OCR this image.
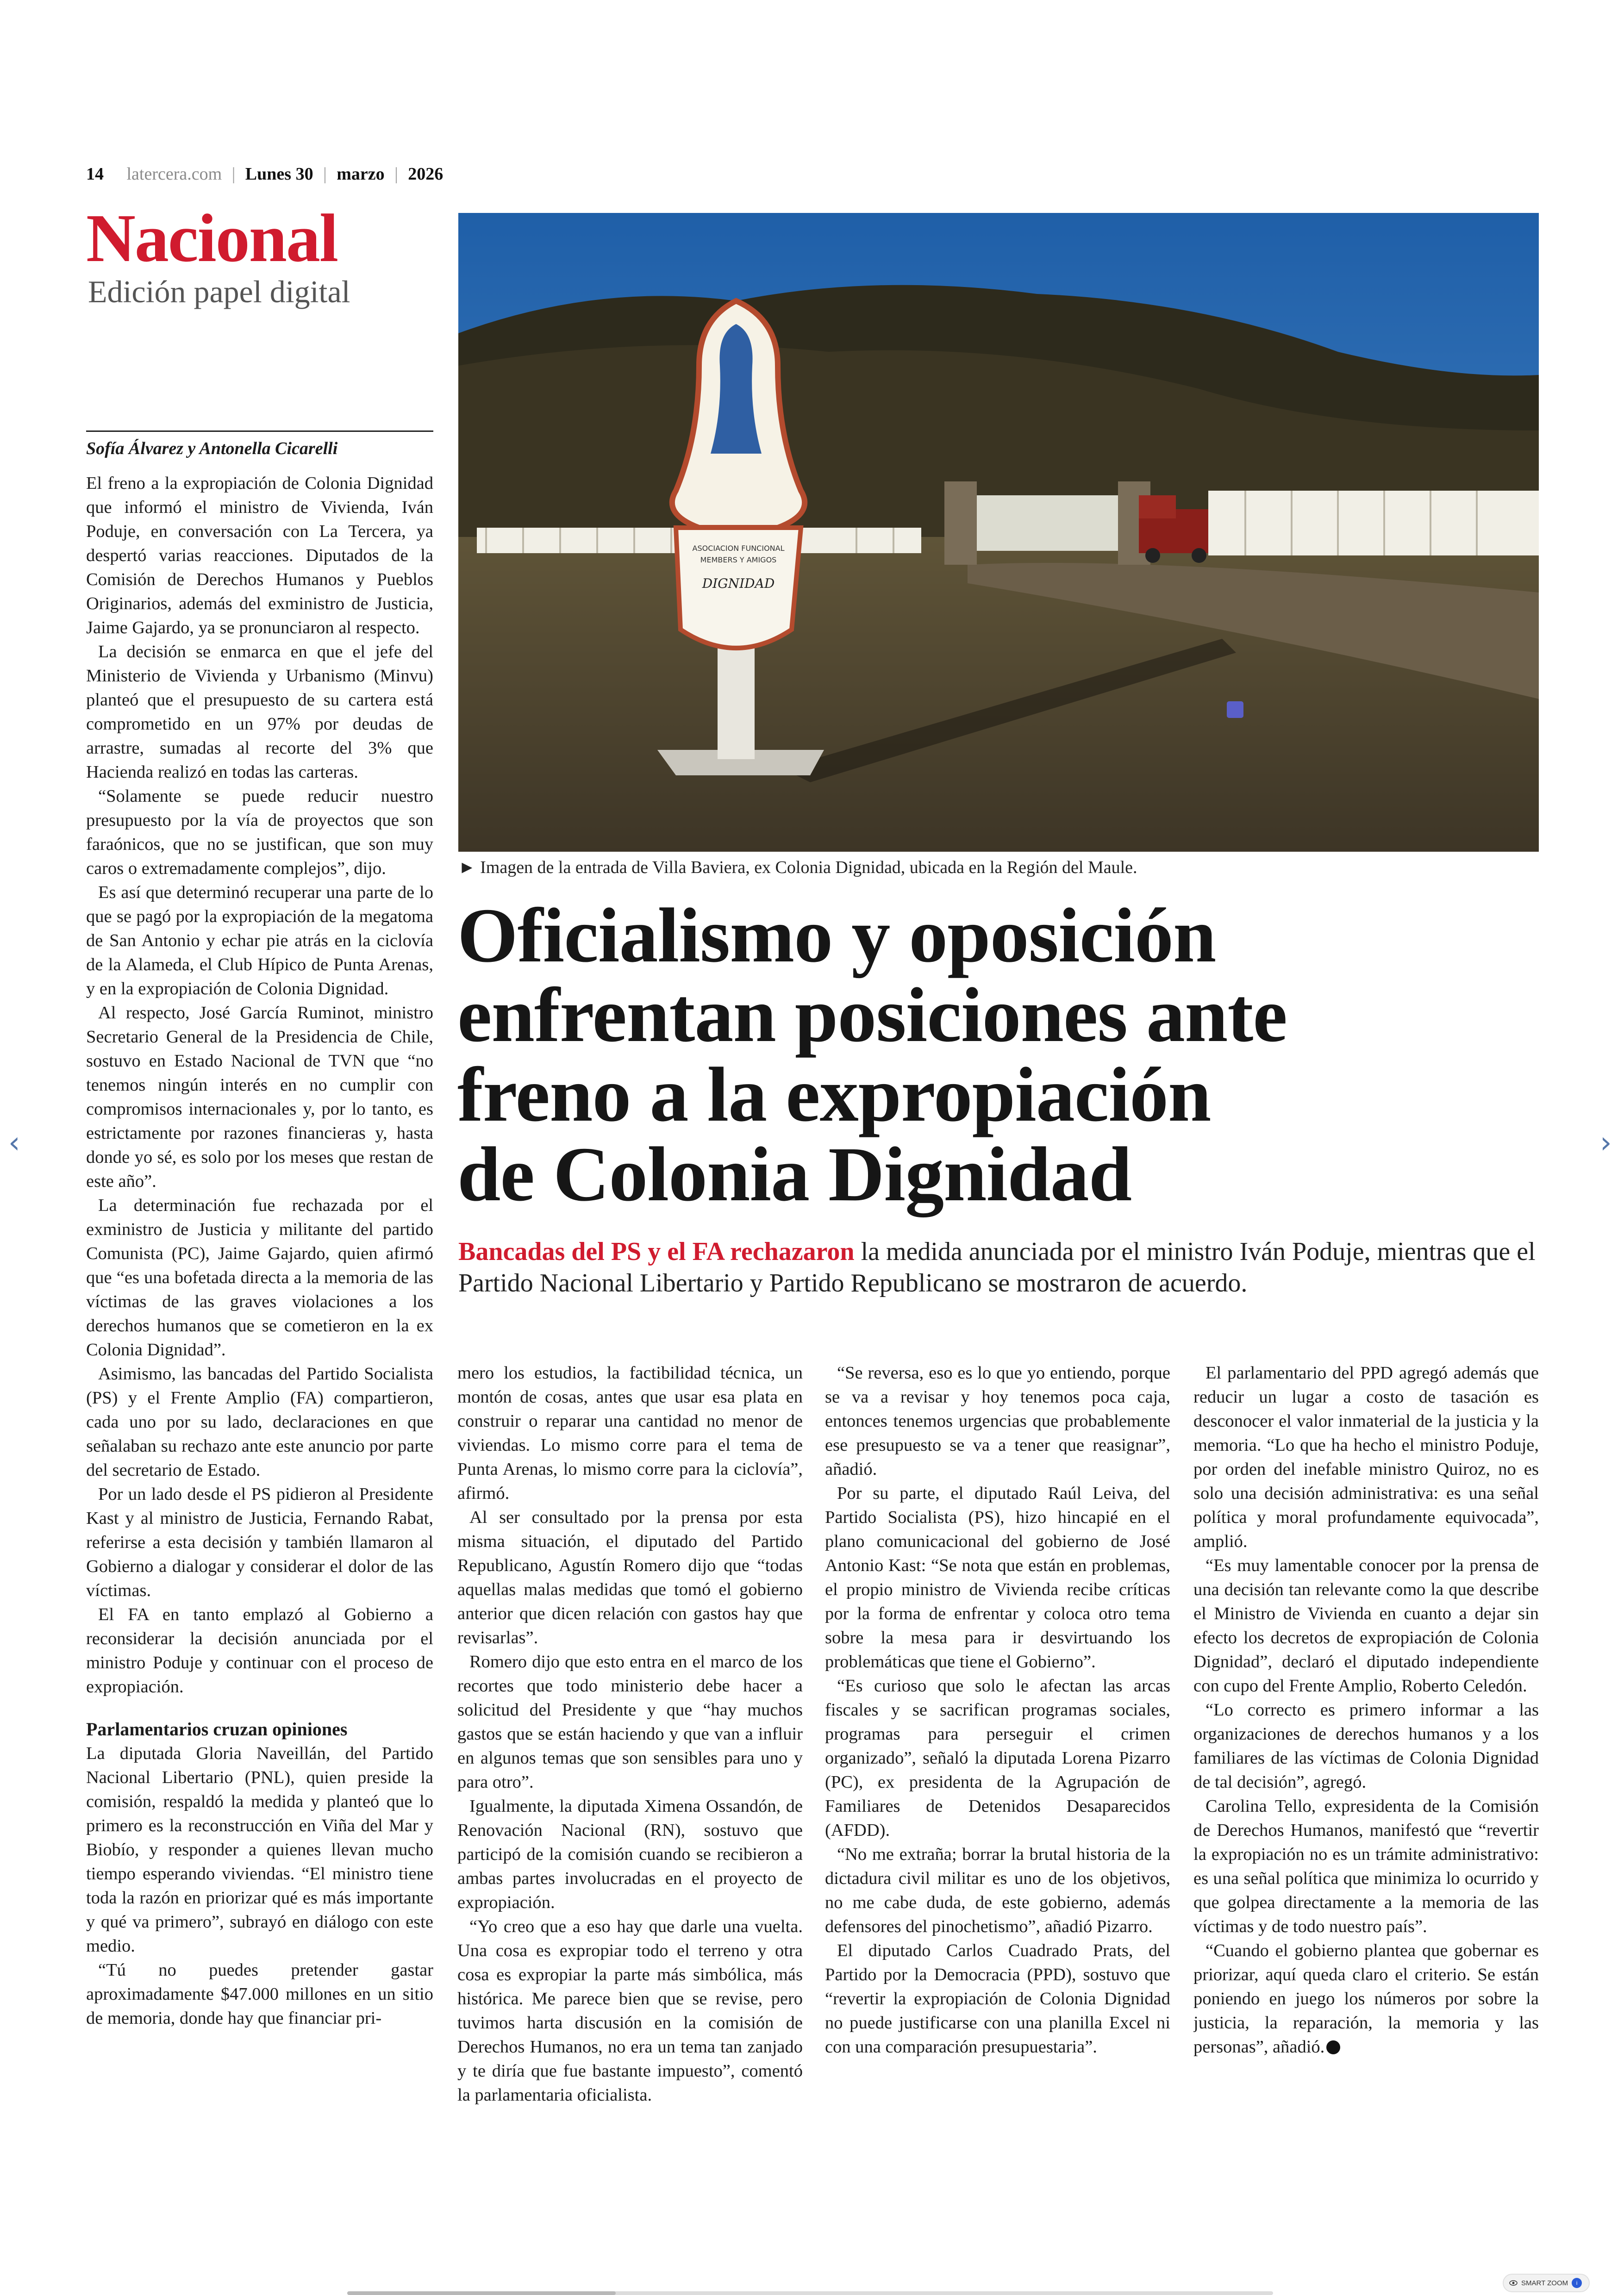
14 latercera.com | Lunes 30 | marzo | 2026
Nacional
Edición papel digital
Sofía Álvarez y Antonella Cicarelli

El freno a la expropiación de Colonia Dignidad que informó el ministro de Vivienda, Iván Poduje, en conversación con La Tercera, ya despertó varias reacciones. Diputados de la Comisión de Derechos Humanos y Pueblos Originarios, además del exministro de Justicia, Jaime Gajardo, ya se pronunciaron al respecto.

La decisión se enmarca en que el jefe del Ministerio de Vivienda y Urbanismo (Minvu) planteó que el presupuesto de su cartera está comprometido en un 97% por deudas de arrastre, sumadas al recorte del 3% que Hacienda realizó en todas las carteras.

“Solamente se puede reducir nuestro presupuesto por la vía de proyectos que son faraónicos, que no se justifican, que son muy caros o extremadamente complejos”, dijo.

Es así que determinó recuperar una parte de lo que se pagó por la expropiación de la megatoma de San Antonio y echar pie atrás en la ciclovía de la Alameda, el Club Hípico de Punta Arenas, y en la expropiación de Colonia Dignidad.

Al respecto, José García Ruminot, ministro Secretario General de la Presidencia de Chile, sostuvo en Estado Nacional de TVN que “no tenemos ningún interés en no cumplir con compromisos internacionales y, por lo tanto, es estrictamente por razones financieras y, hasta donde yo sé, es solo por los meses que restan de este año”.

La determinación fue rechazada por el exministro de Justicia y militante del partido Comunista (PC), Jaime Gajardo, quien afirmó que “es una bofetada directa a la memoria de las víctimas de las graves violaciones a los derechos humanos que se cometieron en la ex Colonia Dignidad”.

Asimismo, las bancadas del Partido Socialista (PS) y el Frente Amplio (FA) compartieron, cada uno por su lado, declaraciones en que señalaban su rechazo ante este anuncio por parte del secretario de Estado.

Por un lado desde el PS pidieron al Presidente Kast y al ministro de Justicia, Fernando Rabat, referirse a esta decisión y también llamaron al Gobierno a dialogar y considerar el dolor de las víctimas.

El FA en tanto emplazó al Gobierno a reconsiderar la decisión anunciada por el ministro Poduje y continuar con el proceso de expropiación.

Parlamentarios cruzan opiniones

La diputada Gloria Naveillán, del Partido Nacional Libertario (PNL), quien preside la comisión, respaldó la medida y planteó que lo primero es la reconstrucción en Viña del Mar y Biobío, y responder a quienes llevan mucho tiempo esperando viviendas. “El ministro tiene toda la razón en priorizar qué es más importante y qué va primero”, subrayó en diálogo con este medio.

“Tú no puedes pretender gastar aproximadamente $47.000 millones en un sitio de memoria, donde hay que financiar pri-

ASOCIACION FUNCIONAL
MEMBERS Y AMIGOS
DIGNIDAD
► Imagen de la entrada de Villa Baviera, ex Colonia Dignidad, ubicada en la Región del Maule.
Oficialismo y oposición
enfrentan posiciones ante
freno a la expropiación
de Colonia Dignidad
Bancadas del PS y el FA rechazaron la medida anunciada por el ministro Iván Poduje, mientras que el Partido Nacional Libertario y Partido Republicano se mostraron de acuerdo.

mero los estudios, la factibilidad técnica, un montón de cosas, antes que usar esa plata en construir o reparar una cantidad no menor de viviendas. Lo mismo corre para el tema de Punta Arenas, lo mismo corre para la ciclovía”, afirmó.

Al ser consultado por la prensa por esta misma situación, el diputado del Partido Republicano, Agustín Romero dijo que “todas aquellas malas medidas que tomó el gobierno anterior que dicen relación con gastos hay que revisarlas”.

Romero dijo que esto entra en el marco de los recortes que todo ministerio debe hacer a solicitud del Presidente y que “hay muchos gastos que se están haciendo y que van a influir en algunos temas que son sensibles para uno y para otro”.

Igualmente, la diputada Ximena Ossandón, de Renovación Nacional (RN), sostuvo que participó de la comisión cuando se recibieron a ambas partes involucradas en el proyecto de expropiación.

“Yo creo que a eso hay que darle una vuelta. Una cosa es expropiar todo el terreno y otra cosa es expropiar la parte más simbólica, más histórica. Me parece bien que se revise, pero tuvimos harta discusión en la comisión de Derechos Humanos, no era un tema tan zanjado y te diría que fue bastante impuesto”, comentó la parlamentaria oficialista.

“Se reversa, eso es lo que yo entiendo, porque se va a revisar y hoy tenemos poca caja, entonces tenemos urgencias que probablemente ese presupuesto se va a tener que reasignar”, añadió.

Por su parte, el diputado Raúl Leiva, del Partido Socialista (PS), hizo hincapié en el plano comunicacional del gobierno de José Antonio Kast: “Se nota que están en problemas, el propio ministro de Vivienda recibe críticas por la forma de enfrentar y coloca otro tema sobre la mesa para ir desvirtuando los problemáticas que tiene el Gobierno”.

“Es curioso que solo le afectan las arcas fiscales y se sacrifican programas sociales, programas para perseguir el crimen organizado”, señaló la diputada Lorena Pizarro (PC), ex presidenta de la Agrupación de Familiares de Detenidos Desaparecidos (AFDD).

“No me extraña; borrar la brutal historia de la dictadura civil militar es uno de los objetivos, no me cabe duda, de este gobierno, además defensores del pinochetismo”, añadió Pizarro.

El diputado Carlos Cuadrado Prats, del Partido por la Democracia (PPD), sostuvo que “revertir la expropiación de Colonia Dignidad no puede justificarse con una planilla Excel ni con una comparación presupuestaria”.

El parlamentario del PPD agregó además que reducir un lugar a costo de tasación es desconocer el valor inmaterial de la justicia y la memoria. “Lo que ha hecho el ministro Poduje, por orden del inefable ministro Quiroz, no es solo una decisión administrativa: es una señal política y moral profundamente equivocada”, amplió.

“Es muy lamentable conocer por la prensa de una decisión tan relevante como la que describe el Ministro de Vivienda en cuanto a dejar sin efecto los decretos de expropiación de Colonia Dignidad”, declaró el diputado independiente con cupo del Frente Amplio, Roberto Celedón.

“Lo correcto es primero informar a las organizaciones de derechos humanos y a los familiares de las víctimas de Colonia Dignidad de tal decisión”, agregó.

Carolina Tello, expresidenta de la Comisión de Derechos Humanos, manifestó que “revertir la expropiación no es un trámite administrativo: es una señal política que minimiza lo ocurrido y que golpea directamente a la memoria de las víctimas y de todo nuestro país”.

“Cuando el gobierno plantea que gobernar es priorizar, aquí queda claro el criterio. Se están poniendo en juego los números por sobre la justicia, la reparación, la memoria y las personas”, añadió.

‹	›
SMART ZOOM	i
